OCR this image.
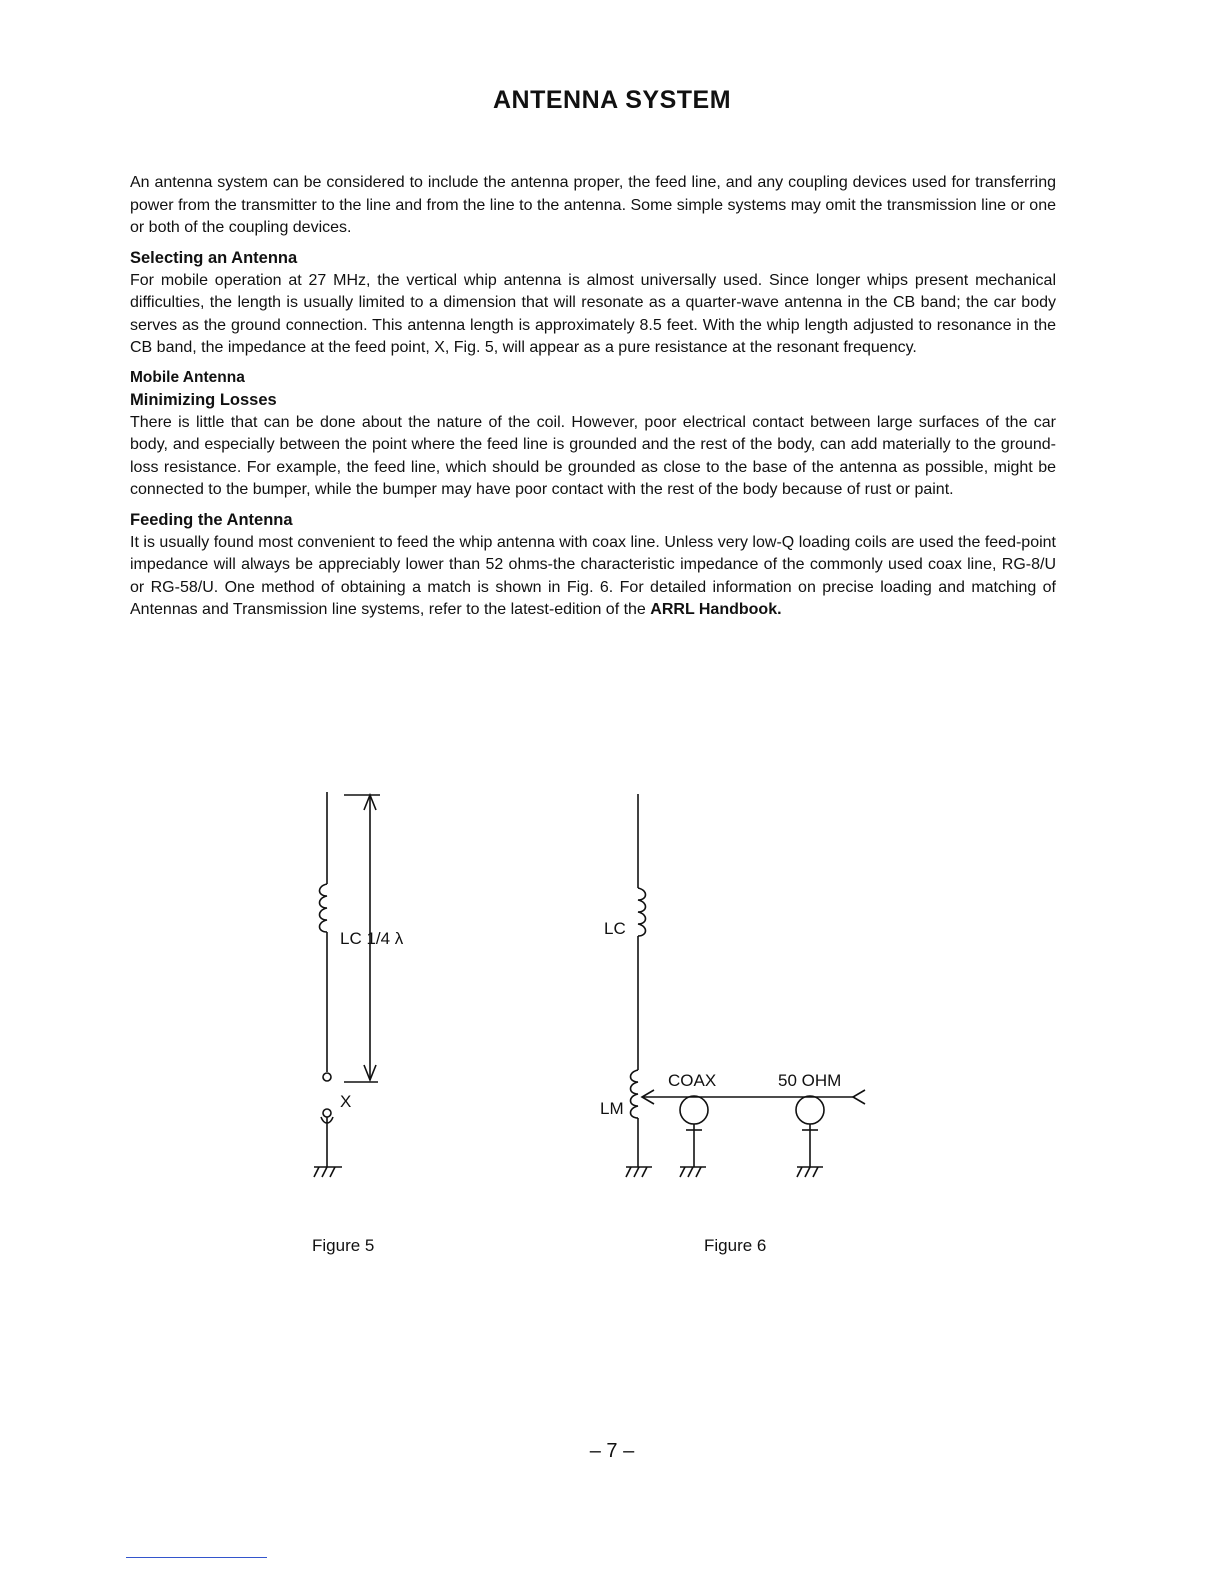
ANTENNA SYSTEM

An antenna system can be considered to include the antenna proper, the feed line, and any coupling devices used for transferring power from the transmitter to the line and from the line to the antenna. Some simple systems may omit the transmission line or one or both of the coupling devices.

Selecting an Antenna

For mobile operation at 27 MHz, the vertical whip antenna is almost universally used. Since longer whips present mechanical difficulties, the length is usually limited to a dimension that will resonate as a quarter-wave antenna in the CB band; the car body serves as the ground connection. This antenna length is approximately 8.5 feet. With the whip length adjusted to resonance in the CB band, the impedance at the feed point, X, Fig. 5, will appear as a pure resistance at the resonant frequency.

Mobile Antenna
Minimizing Losses

There is little that can be done about the nature of the coil. However, poor electrical contact between large surfaces of the car body, and especially between the point where the feed line is grounded and the rest of the body, can add materially to the ground-loss resistance. For example, the feed line, which should be grounded as close to the base of the antenna as possible, might be connected to the bumper, while the bumper may have poor contact with the rest of the body because of rust or paint.

Feeding the Antenna

It is usually found most convenient to feed the whip antenna with coax line. Unless very low-Q loading coils are used the feed-point impedance will always be appreciably lower than 52 ohms-the characteristic impedance of the commonly used coax line, RG-8/U or RG-58/U. One method of obtaining a match is shown in Fig. 6. For detailed information on precise loading and matching of Antennas and Transmission line systems, refer to the latest-edition of the ARRL Handbook.

LC 1/4 λ
X
LC
LM
COAX	50 OHM
Figure 5	Figure 6
– 7 –
